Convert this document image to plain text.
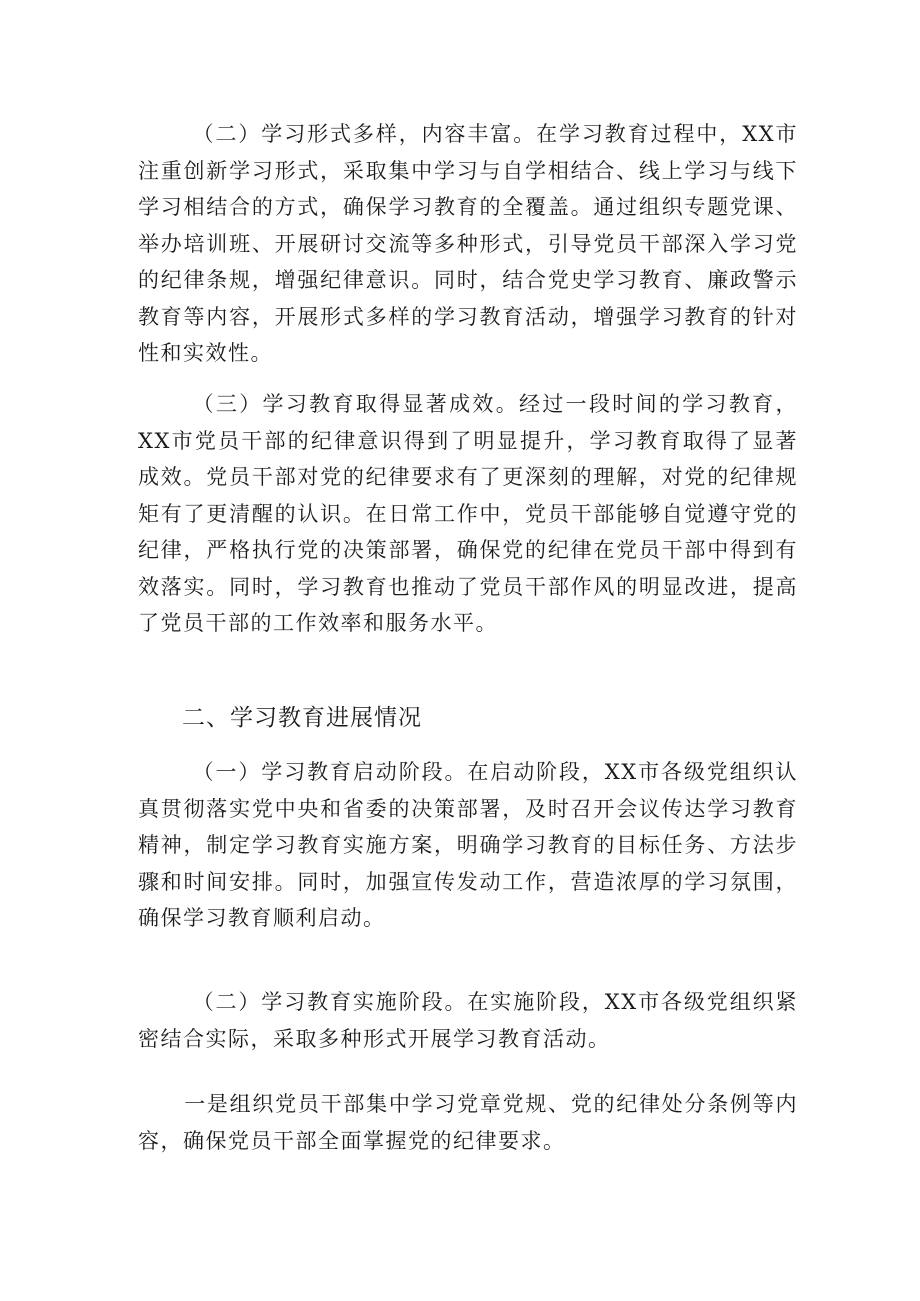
（二）学习形式多样，内容丰富。在学习教育过程中，XX市注重创新学习形式，采取集中学习与自学相结合、线上学习与线下学习相结合的方式，确保学习教育的全覆盖。通过组织专题党课、举办培训班、开展研讨交流等多种形式，引导党员干部深入学习党的纪律条规，增强纪律意识。同时，结合党史学习教育、廉政警示教育等内容，开展形式多样的学习教育活动，增强学习教育的针对性和实效性。

（三）学习教育取得显著成效。经过一段时间的学习教育，XX市党员干部的纪律意识得到了明显提升，学习教育取得了显著成效。党员干部对党的纪律要求有了更深刻的理解，对党的纪律规矩有了更清醒的认识。在日常工作中，党员干部能够自觉遵守党的纪律，严格执行党的决策部署，确保党的纪律在党员干部中得到有效落实。同时，学习教育也推动了党员干部作风的明显改进，提高了党员干部的工作效率和服务水平。

二、学习教育进展情况

（一）学习教育启动阶段。在启动阶段，XX市各级党组织认真贯彻落实党中央和省委的决策部署，及时召开会议传达学习教育精神，制定学习教育实施方案，明确学习教育的目标任务、方法步骤和时间安排。同时，加强宣传发动工作，营造浓厚的学习氛围，确保学习教育顺利启动。

（二）学习教育实施阶段。在实施阶段，XX市各级党组织紧密结合实际，采取多种形式开展学习教育活动。

一是组织党员干部集中学习党章党规、党的纪律处分条例等内容，确保党员干部全面掌握党的纪律要求。
